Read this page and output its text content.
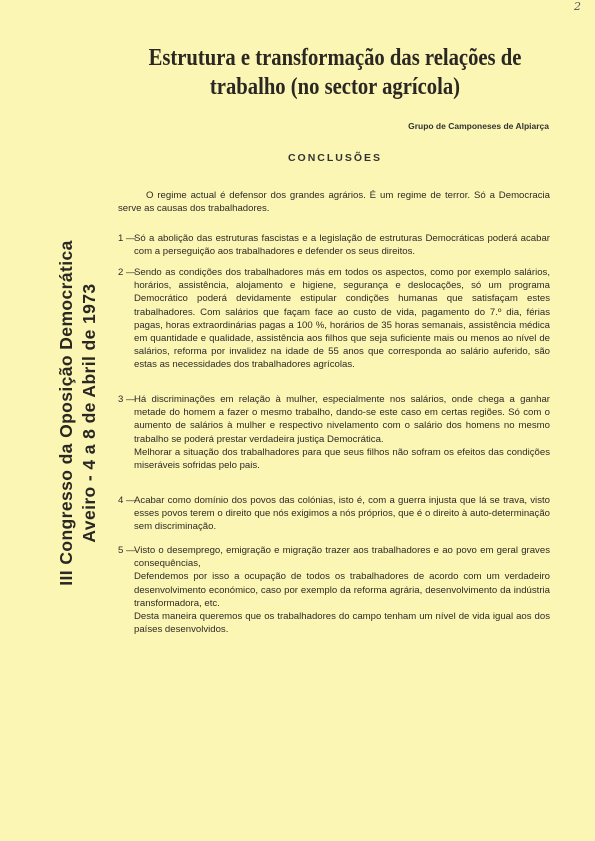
2
Estrutura e transformação das relações de
trabalho (no sector agrícola)
Grupo de Camponeses de Alpiarça
CONCLUSÕES
O regime actual é defensor dos grandes agrários. É um regime de terror. Só a Democracia serve as causas dos trabalhadores.
1 —

Só a abolição das estruturas fascistas e a legislação de estruturas Democráticas poderá acabar com a perseguição aos trabalhadores e defender os seus direitos.

2 —

Sendo as condições dos trabalhadores más em todos os aspectos, como por exemplo salários, horários, assistência, alojamento e higiene, segurança e deslocações, só um programa Democrático poderá devidamente estipular condições humanas que satisfaçam estes trabalhadores. Com salários que façam face ao custo de vida, pagamento do 7.º dia, férias pagas, horas extraordinárias pagas a 100 %, horários de 35 horas semanais, assistência médica em quantidade e qualidade, assistência aos filhos que seja suficiente mais ou menos ao nível de salários, reforma por invalidez na idade de 55 anos que corresponda ao salário auferido, são estas as necessidades dos trabalhadores agrícolas.

3 —

Há discriminações em relação à mulher, especialmente nos salários, onde chega a ganhar metade do homem a fazer o mesmo trabalho, dando-se este caso em certas regiões. Só com o aumento de salários à mulher e respectivo nivelamento com o salário dos homens no mesmo trabalho se poderá prestar verdadeira justiça Democrática.

Melhorar a situação dos trabalhadores para que seus filhos não sofram os efeitos das condições miseráveis sofridas pelo pais.

4 —

Acabar como domínio dos povos das colónias, isto é, com a guerra injusta que lá se trava, visto esses povos terem o direito que nós exigimos a nós próprios, que é o direito à auto-determinação sem discriminação.

5 —

Visto o desemprego, emigração e migração trazer aos trabalhadores e ao povo em geral graves consequências,

Defendemos por isso a ocupação de todos os trabalhadores de acordo com um verdadeiro desenvolvimento económico, caso por exemplo da reforma agrária, desenvolvimento da indústria transformadora, etc.

Desta maneira queremos que os trabalhadores do campo tenham um nível de vida igual aos dos países desenvolvidos.

III Congresso da Oposição Democrática Aveiro - 4 a 8 de Abril de 1973
